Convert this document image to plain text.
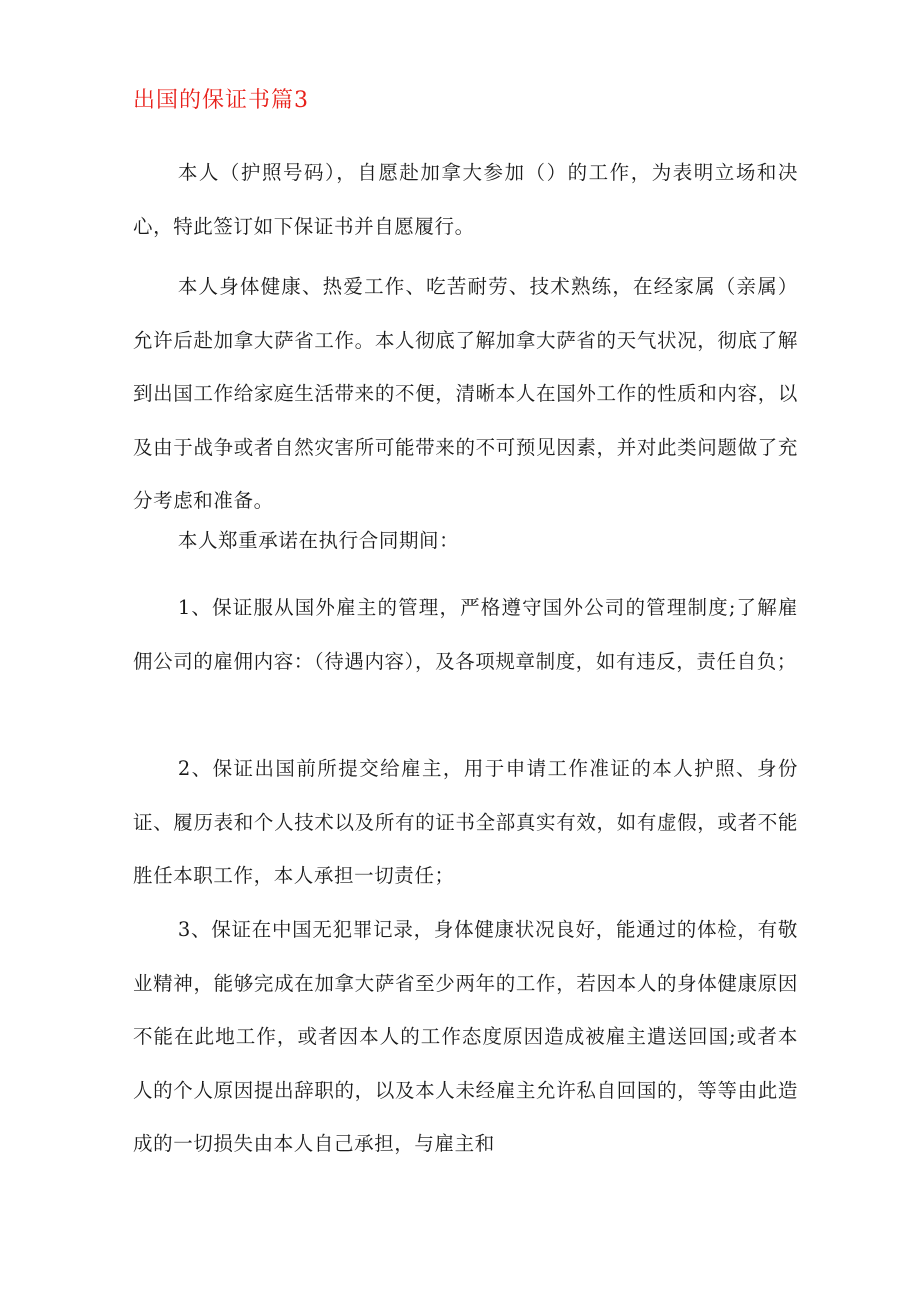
出国的保证书篇3

本人（护照号码），自愿赴加拿大参加（）的工作，为表明立场和决心，特此签订如下保证书并自愿履行。

本人身体健康、热爱工作、吃苦耐劳、技术熟练，在经家属（亲属）允许后赴加拿大萨省工作。本人彻底了解加拿大萨省的天气状况，彻底了解到出国工作给家庭生活带来的不便，清晰本人在国外工作的性质和内容，以及由于战争或者自然灾害所可能带来的不可预见因素，并对此类问题做了充分考虑和准备。

本人郑重承诺在执行合同期间：

1、保证服从国外雇主的管理，严格遵守国外公司的管理制度;了解雇佣公司的雇佣内容：（待遇内容），及各项规章制度，如有违反，责任自负；

2、保证出国前所提交给雇主，用于申请工作准证的本人护照、身份证、履历表和个人技术以及所有的证书全部真实有效，如有虚假，或者不能胜任本职工作，本人承担一切责任；

3、保证在中国无犯罪记录，身体健康状况良好，能通过的体检，有敬业精神，能够完成在加拿大萨省至少两年的工作，若因本人的身体健康原因不能在此地工作，或者因本人的工作态度原因造成被雇主遣送回国;或者本人的个人原因提出辞职的，以及本人未经雇主允许私自回国的，等等由此造成的一切损失由本人自己承担，与雇主和
